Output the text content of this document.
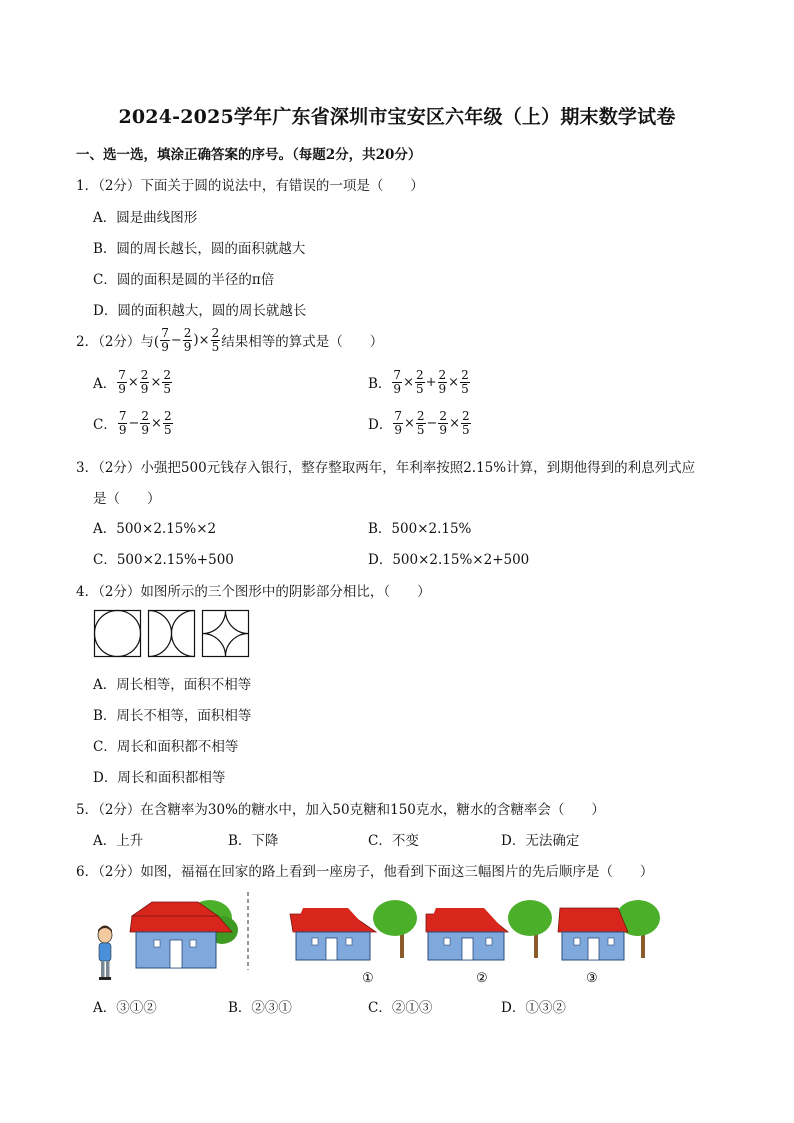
2024-2025学年广东省深圳市宝安区六年级（上）期末数学试卷
一、选一选，填涂正确答案的序号。（每题2分，共20分）
1．（2分）下面关于圆的说法中，有错误的一项是（　　）
A．圆是曲线图形
B．圆的周长越长，圆的面积就越大
C．圆的面积是圆的半径的π倍
D．圆的面积越大，圆的周长就越长
2．（2分）与( $\frac{7}{9} - \frac{2}{9}$ ) × $\frac{2}{5}$ 结果相等的算式是（　　）
A． $\frac{7}{9} \times \frac{2}{9} \times \frac{2}{5}$	B． $\frac{7}{9} \times \frac{2}{5} + \frac{2}{9} \times \frac{2}{5}$
C． $\frac{7}{9} - \frac{2}{9} \times \frac{2}{5}$	D． $\frac{7}{9} \times \frac{2}{5} - \frac{2}{9} \times \frac{2}{5}$
3．（2分）小强把500元钱存入银行，整存整取两年，年利率按照2.15%计算，到期他得到的利息列式应
是（　　）
A．500×2.15%×2	B．500×2.15%
C．500×2.15%+500	D．500×2.15%×2+500
4．（2分）如图所示的三个图形中的阴影部分相比，（　　）
A．周长相等，面积不相等
B．周长不相等，面积相等
C．周长和面积都不相等
D．周长和面积都相等
5．（2分）在含糖率为30%的糖水中，加入50克糖和150克水，糖水的含糖率会（　　）
A．上升	B．下降	C．不变	D．无法确定
6．（2分）如图，福福在回家的路上看到一座房子，他看到下面这三幅图片的先后顺序是（　　）
①	②	③
A．③①②	B．②③①	C．②①③	D．①③②
